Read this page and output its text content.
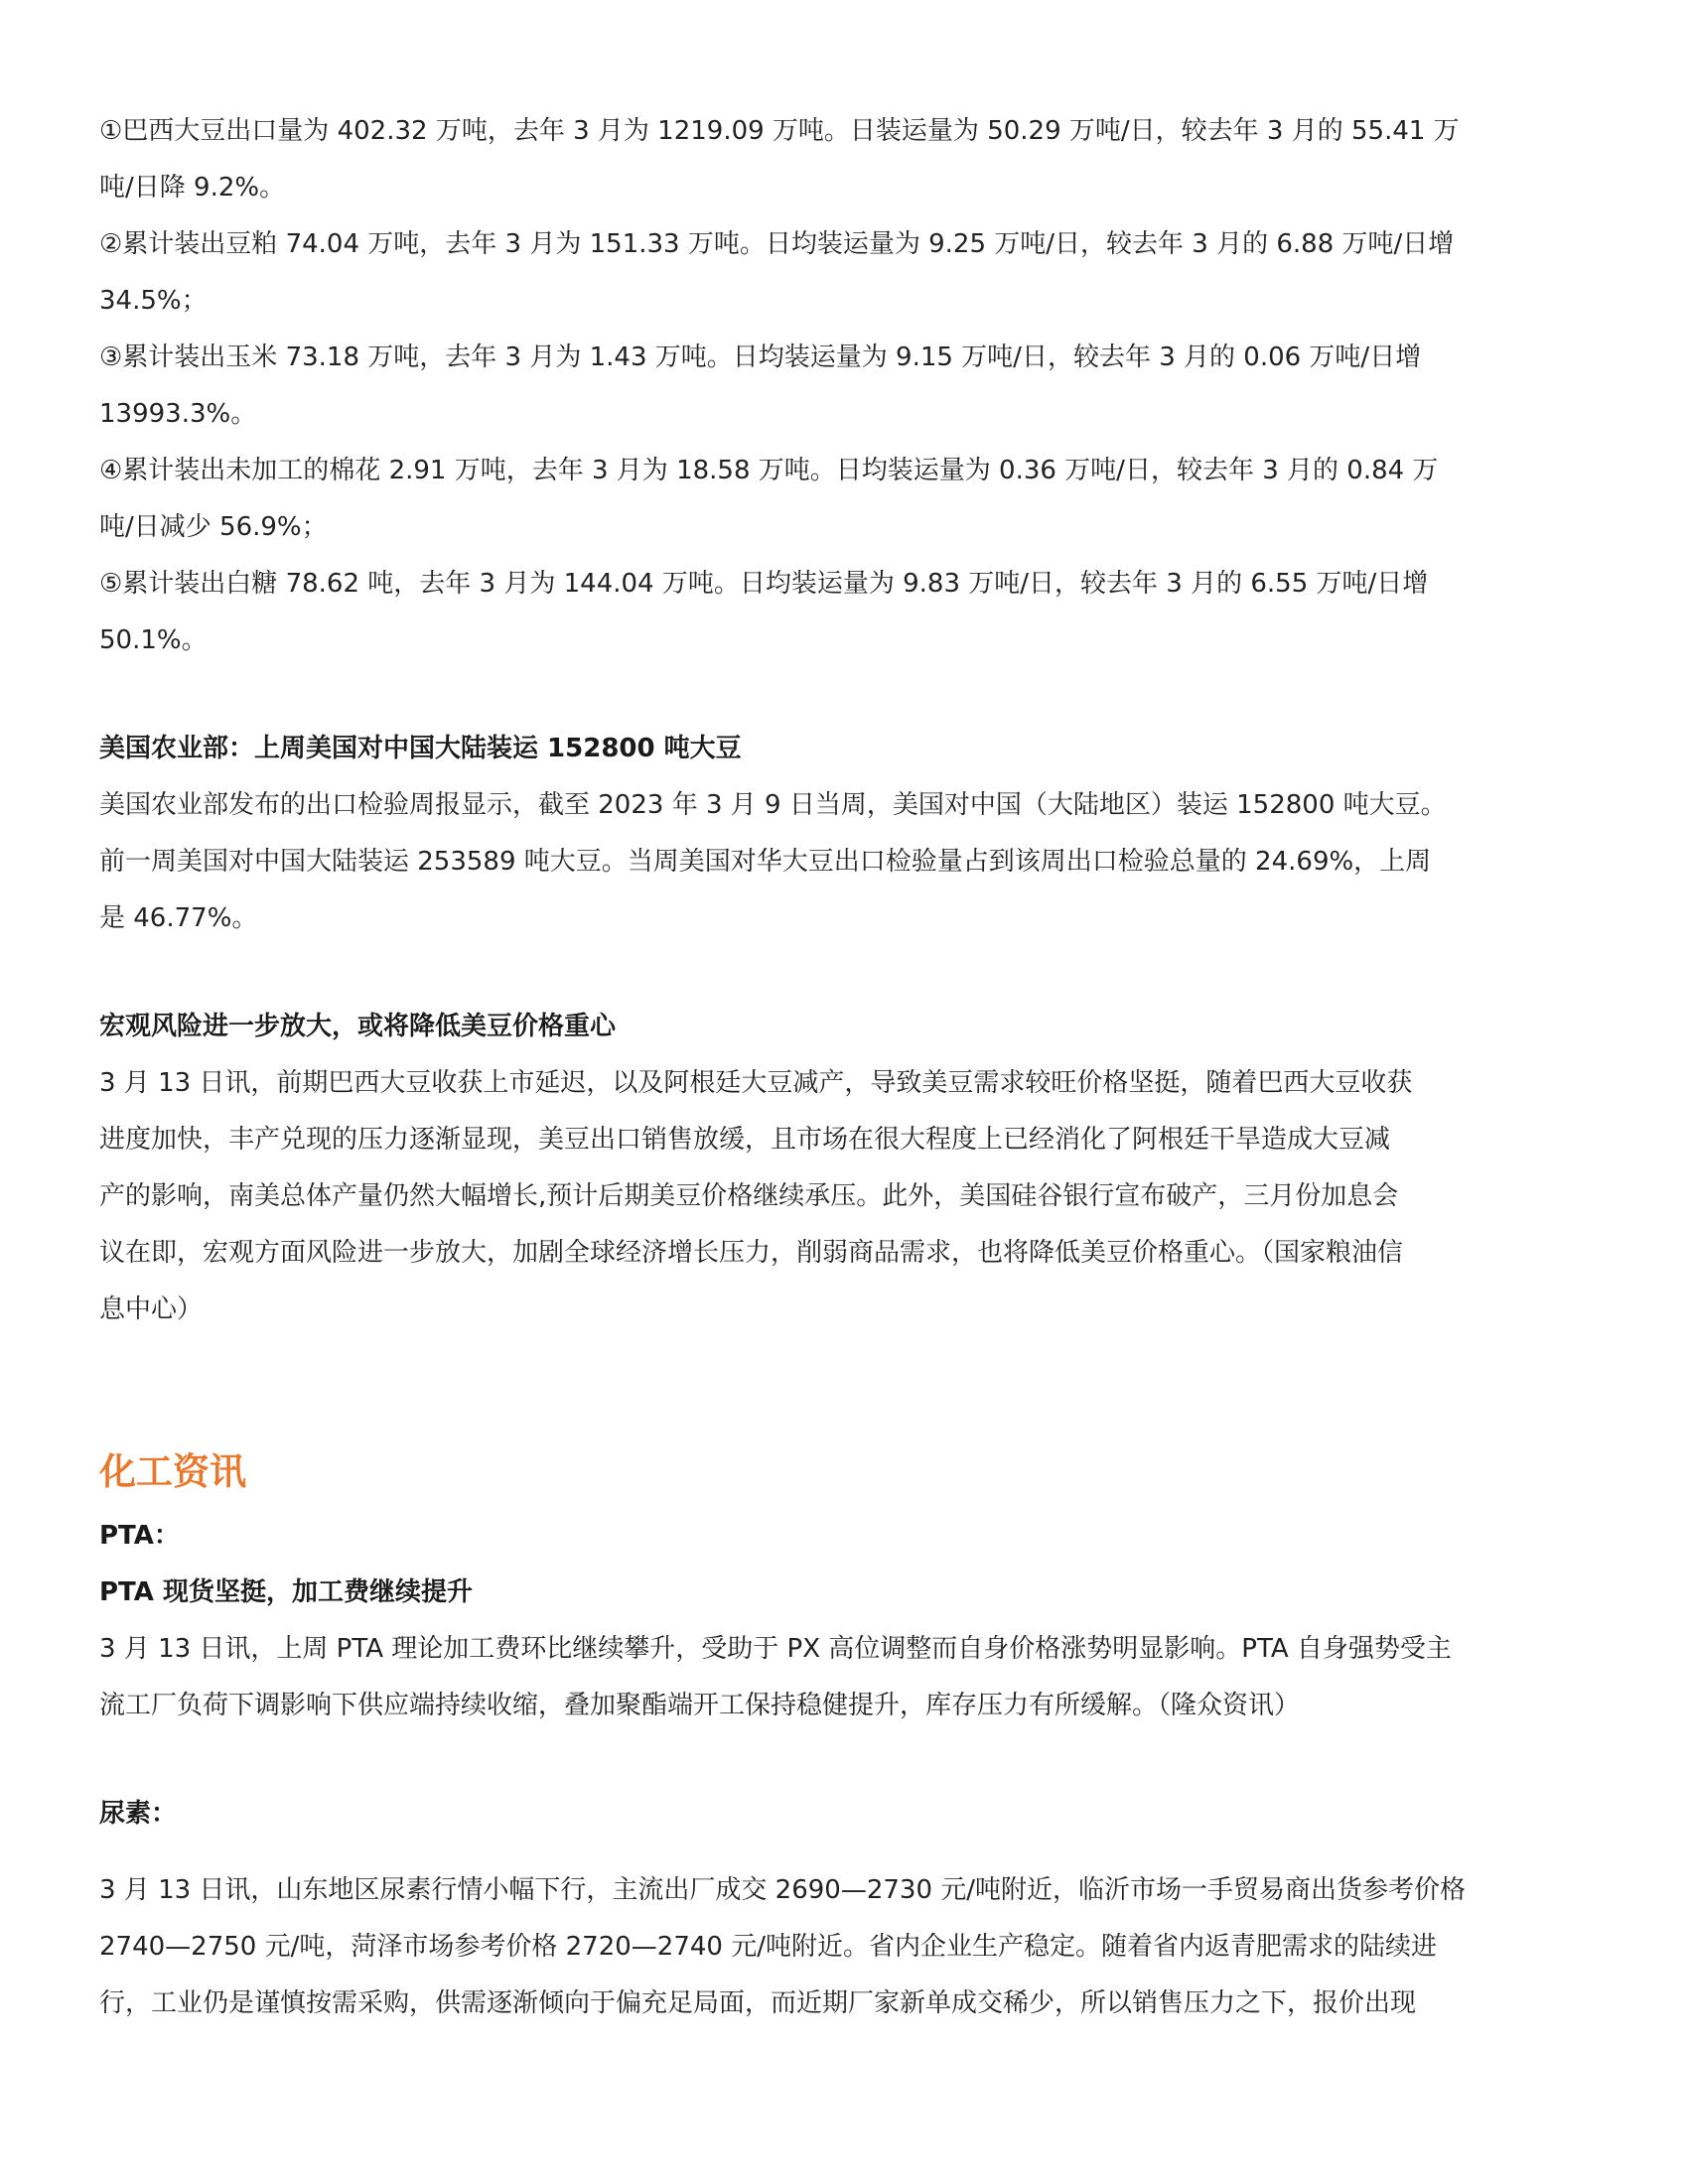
①巴西大豆出口量为 402.32 万吨，去年 3 月为 1219.09 万吨。日装运量为 50.29 万吨/日，较去年 3 月的 55.41 万

吨/日降 9.2%。

②累计装出豆粕 74.04 万吨，去年 3 月为 151.33 万吨。日均装运量为 9.25 万吨/日，较去年 3 月的 6.88 万吨/日增

34.5%；

③累计装出玉米 73.18 万吨，去年 3 月为 1.43 万吨。日均装运量为 9.15 万吨/日，较去年 3 月的 0.06 万吨/日增

13993.3%。

④累计装出未加工的棉花 2.91 万吨，去年 3 月为 18.58 万吨。日均装运量为 0.36 万吨/日，较去年 3 月的 0.84 万

吨/日减少 56.9%；

⑤累计装出白糖 78.62 吨，去年 3 月为 144.04 万吨。日均装运量为 9.83 万吨/日，较去年 3 月的 6.55 万吨/日增

50.1%。

美国农业部：上周美国对中国大陆装运 152800 吨大豆

美国农业部发布的出口检验周报显示，截至 2023 年 3 月 9 日当周，美国对中国（大陆地区）装运 152800 吨大豆。

前一周美国对中国大陆装运 253589 吨大豆。当周美国对华大豆出口检验量占到该周出口检验总量的 24.69%，上周

是 46.77%。

宏观风险进一步放大，或将降低美豆价格重心

3 月 13 日讯，前期巴西大豆收获上市延迟，以及阿根廷大豆减产，导致美豆需求较旺价格坚挺，随着巴西大豆收获

进度加快，丰产兑现的压力逐渐显现，美豆出口销售放缓，且市场在很大程度上已经消化了阿根廷干旱造成大豆减

产的影响，南美总体产量仍然大幅增长,预计后期美豆价格继续承压。此外，美国硅谷银行宣布破产，三月份加息会

议在即，宏观方面风险进一步放大，加剧全球经济增长压力，削弱商品需求，也将降低美豆价格重心。（国家粮油信

息中心）

化工资讯

PTA：

PTA 现货坚挺，加工费继续提升

3 月 13 日讯，上周 PTA 理论加工费环比继续攀升，受助于 PX 高位调整而自身价格涨势明显影响。PTA 自身强势受主

流工厂负荷下调影响下供应端持续收缩，叠加聚酯端开工保持稳健提升，库存压力有所缓解。（隆众资讯）

尿素：

3 月 13 日讯，山东地区尿素行情小幅下行，主流出厂成交 2690—2730 元/吨附近，临沂市场一手贸易商出货参考价格

2740—2750 元/吨，菏泽市场参考价格 2720—2740 元/吨附近。省内企业生产稳定。随着省内返青肥需求的陆续进

行，工业仍是谨慎按需采购，供需逐渐倾向于偏充足局面，而近期厂家新单成交稀少，所以销售压力之下，报价出现
